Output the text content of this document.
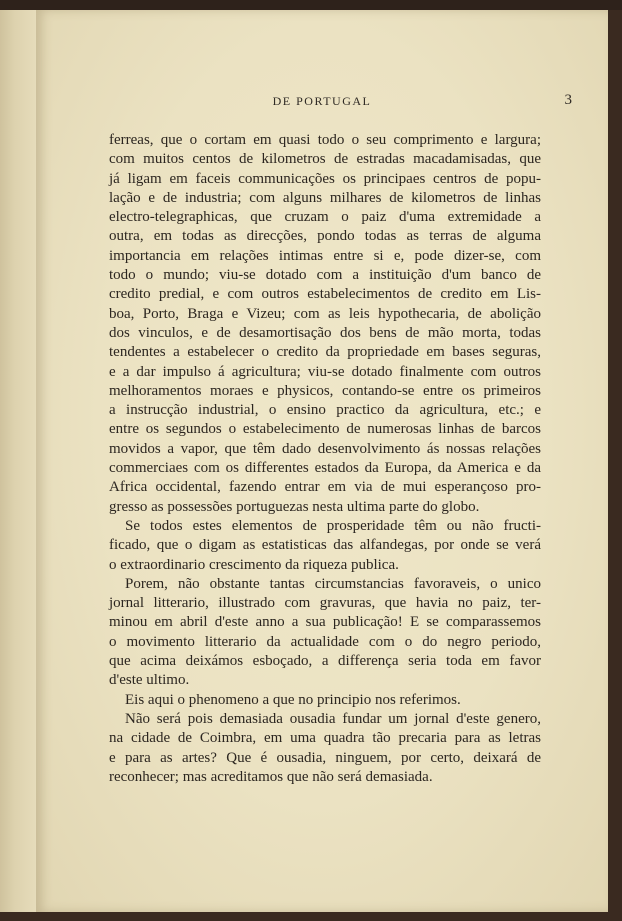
DE PORTUGAL	3
ferreas, que o cortam em quasi todo o seu comprimento e largura;
com muitos centos de kilometros de estradas macadamisadas, que
já ligam em faceis communicações os principaes centros de popu-
lação e de industria; com alguns milhares de kilometros de linhas
electro-telegraphicas, que cruzam o paiz d'uma extremidade a
outra, em todas as direcções, pondo todas as terras de alguma
importancia em relações intimas entre si e, pode dizer-se, com
todo o mundo; viu-se dotado com a instituição d'um banco de
credito predial, e com outros estabelecimentos de credito em Lis-
boa, Porto, Braga e Vizeu; com as leis hypothecaria, de abolição
dos vinculos, e de desamortisação dos bens de mão morta, todas
tendentes a estabelecer o credito da propriedade em bases seguras,
e a dar impulso á agricultura; viu-se dotado finalmente com outros
melhoramentos moraes e physicos, contando-se entre os primeiros
a instrucção industrial, o ensino practico da agricultura, etc.; e
entre os segundos o estabelecimento de numerosas linhas de barcos
movidos a vapor, que têm dado desenvolvimento ás nossas relações
commerciaes com os differentes estados da Europa, da America e da
Africa occidental, fazendo entrar em via de mui esperançoso pro-
gresso as possessões portuguezas nesta ultima parte do globo.
Se todos estes elementos de prosperidade têm ou não fructi-
ficado, que o digam as estatisticas das alfandegas, por onde se verá
o extraordinario crescimento da riqueza publica.
Porem, não obstante tantas circumstancias favoraveis, o unico
jornal litterario, illustrado com gravuras, que havia no paiz, ter-
minou em abril d'este anno a sua publicação! E se comparassemos
o movimento litterario da actualidade com o do negro periodo,
que acima deixámos esboçado, a differença seria toda em favor
d'este ultimo.
Eis aqui o phenomeno a que no principio nos referimos.
Não será pois demasiada ousadia fundar um jornal d'este genero,
na cidade de Coimbra, em uma quadra tão precaria para as letras
e para as artes? Que é ousadia, ninguem, por certo, deixará de
reconhecer; mas acreditamos que não será demasiada.
